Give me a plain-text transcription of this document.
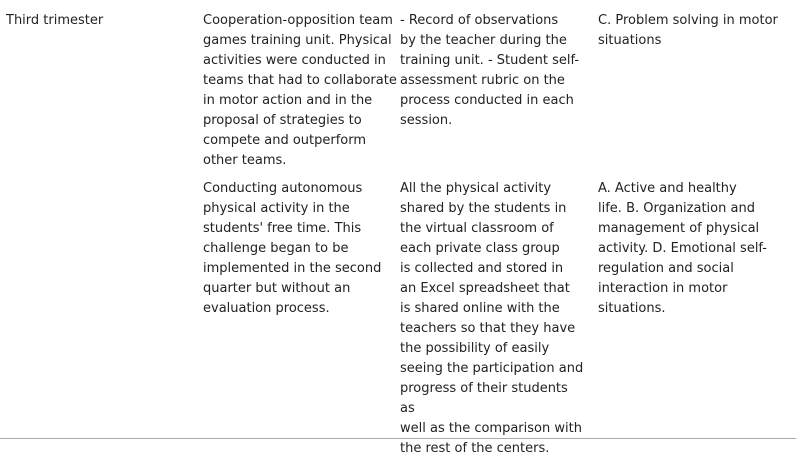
Third trimester	Cooperation-opposition team
games training unit. Physical
activities were conducted in
teams that had to collaborate
in motor action and in the
proposal of strategies to
compete and outperform
other teams.

- Record of observations
by the teacher during the
training unit. - Student self-
assessment rubric on the
process conducted in each
session.

C. Problem solving in motor
situations

Conducting autonomous
physical activity in the
students' free time. This
challenge began to be
implemented in the second
quarter but without an
evaluation process.

All the physical activity
shared by the students in
the virtual classroom of
each private class group
is collected and stored in
an Excel spreadsheet that
is shared online with the
teachers so that they have
the possibility of easily
seeing the participation and
progress of their students as
well as the comparison with
the rest of the centers.

A. Active and healthy
life. B. Organization and
management of physical
activity. D. Emotional self-
regulation and social
interaction in motor
situations.
